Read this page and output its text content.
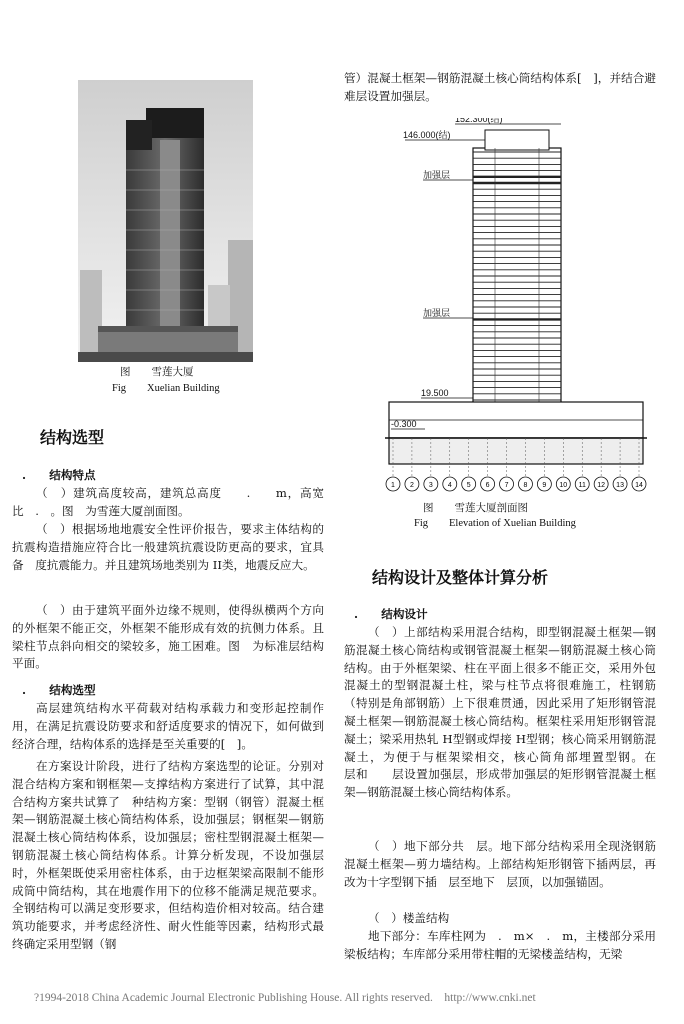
图　　雪莲大厦
Fig　　Xuelian Building
结构选型
.　　结构特点

（　）建筑高度较高，建筑总高度　　.　　m，高宽比　.　。图　为雪莲大厦剖面图。

（　）根据场地地震安全性评价报告，要求主体结构的抗震构造措施应符合比一般建筑抗震设防更高的要求，宜具备　度抗震能力。并且建筑场地类别为 II类，地震反应大。

（　）由于建筑平面外边缘不规则，使得纵横两个方向的外框架不能正交，外框架不能形成有效的抗侧力体系。且梁柱节点斜向相交的梁较多，施工困难。图　为标准层结构平面。

.　　结构选型

高层建筑结构水平荷载对结构承载力和变形起控制作用，在满足抗震设防要求和舒适度要求的情况下，如何做到经济合理，结构体系的选择是至关重要的[　]。

在方案设计阶段，进行了结构方案选型的论证。分别对混合结构方案和钢框架—支撑结构方案进行了试算，其中混合结构方案共试算了　种结构方案：型钢（钢管）混凝土框架—钢筋混凝土核心筒结构体系，设加强层；钢框架—钢筋混凝土核心筒结构体系，设加强层；密柱型钢混凝土框架—钢筋混凝土核心筒结构体系。计算分析发现，不设加强层时，外框架既使采用密柱体系，由于边框架梁高限制不能形成筒中筒结构，其在地震作用下的位移不能满足规范要求。全钢结构可以满足变形要求，但结构造价相对较高。结合建筑功能要求，并考虑经济性、耐火性能等因素，结构形式最终确定采用型钢（钢

管）混凝土框架—钢筋混凝土核心筒结构体系[　]，并结合避难层设置加强层。

1 2 3 4 5 6 7 8 9 10 11 12 13 14
152.300(结)
146.000(结)
加强层
加强层
19.500
-0.300
图　　雪莲大厦剖面图
Fig　　Elevation of Xuelian Building
结构设计及整体计算分析
.　　结构设计

（　）上部结构采用混合结构，即型钢混凝土框架—钢筋混凝土核心筒结构或钢管混凝土框架—钢筋混凝土核心筒结构。由于外框架梁、柱在平面上很多不能正交，采用外包混凝土的型钢混凝土柱，梁与柱节点将很难施工，柱钢筋（特别是角部钢筋）上下很难贯通，因此采用了矩形钢管混凝土框架—钢筋混凝土核心筒结构。框架柱采用矩形钢管混凝土；梁采用热轧 H型钢或焊接 H型钢；核心筒采用钢筋混凝土，为便于与框架梁相交，核心筒角部埋置型钢。在　　层和　　层设置加强层，形成带加强层的矩形钢管混凝土框架—钢筋混凝土核心筒结构体系。

（　）地下部分共　层。地下部分结构采用全现浇钢筋混凝土框架—剪力墙结构。上部结构矩形钢管下插两层，再改为十字型钢下插　层至地下　层顶，以加强锚固。

（　）楼盖结构

地下部分：车库柱网为　.　m×　.　m，主楼部分采用梁板结构；车库部分采用带柱帽的无梁楼盖结构，无梁

?1994-2018 China Academic Journal Electronic Publishing House. All rights reserved.　http://www.cnki.net
